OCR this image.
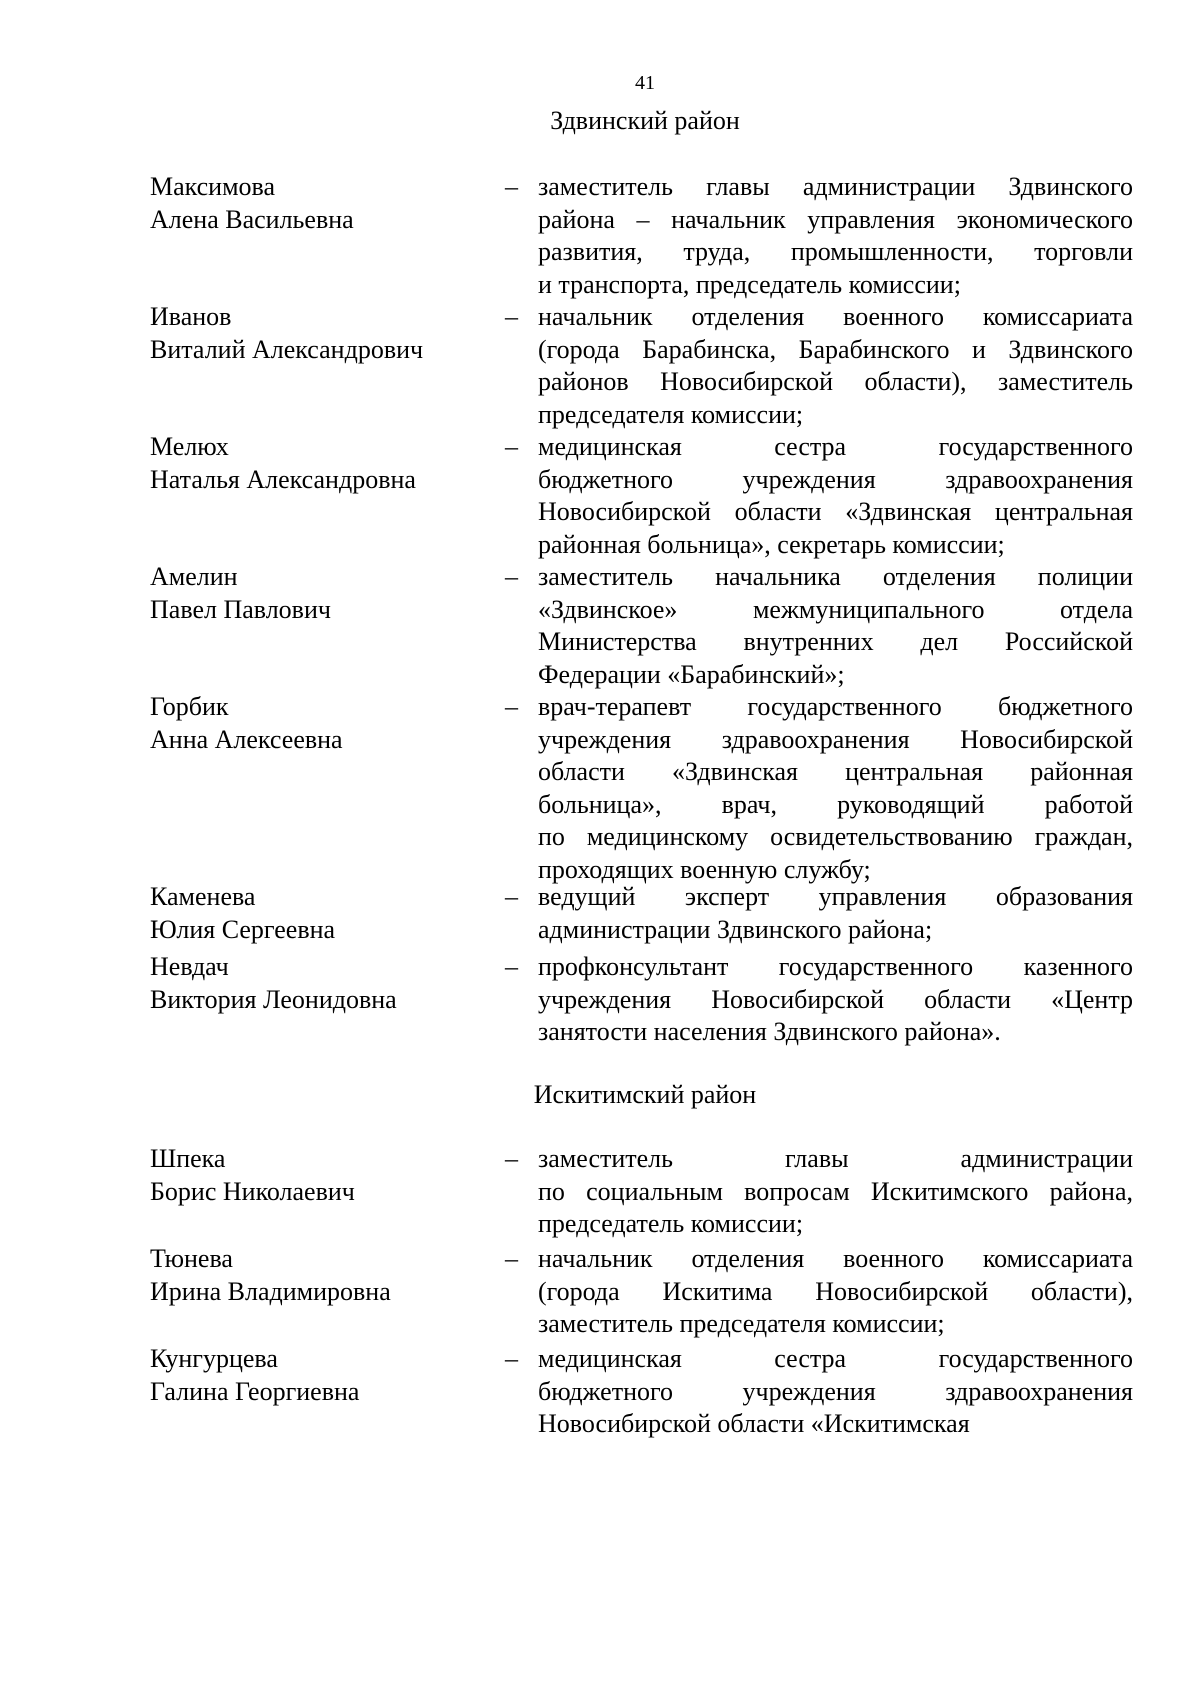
41
Здвинский район
Максимова
Алена Васильевна
– заместитель главы администрации Здвинского
района – начальник управления экономического
развития, труда, промышленности, торговли
и транспорта, председатель комиссии;
Иванов
Виталий Александрович
– начальник отделения военного комиссариата
(города Барабинска, Барабинского и Здвинского
районов Новосибирской области), заместитель
председателя комиссии;
Мелюх
Наталья Александровна
– медицинская сестра государственного
бюджетного учреждения здравоохранения
Новосибирской области «Здвинская центральная
районная больница», секретарь комиссии;
Амелин
Павел Павлович
– заместитель начальника отделения полиции
«Здвинское» межмуниципального отдела
Министерства внутренних дел Российской
Федерации «Барабинский»;
Горбик
Анна Алексеевна
– врач-терапевт государственного бюджетного
учреждения здравоохранения Новосибирской
области «Здвинская центральная районная
больница», врач, руководящий работой
по медицинскому освидетельствованию граждан,
проходящих военную службу;
Каменева
Юлия Сергеевна
– ведущий эксперт управления образования
администрации Здвинского района;
Невдач
Виктория Леонидовна
– профконсультант государственного казенного
учреждения Новосибирской области «Центр
занятости населения Здвинского района».
Искитимский район
Шпека
Борис Николаевич
– заместитель главы администрации
по социальным вопросам Искитимского района,
председатель комиссии;
Тюнева
Ирина Владимировна
– начальник отделения военного комиссариата
(города Искитима Новосибирской области),
заместитель председателя комиссии;
Кунгурцева
Галина Георгиевна
– медицинская сестра государственного
бюджетного учреждения здравоохранения
Новосибирской области «Искитимская
